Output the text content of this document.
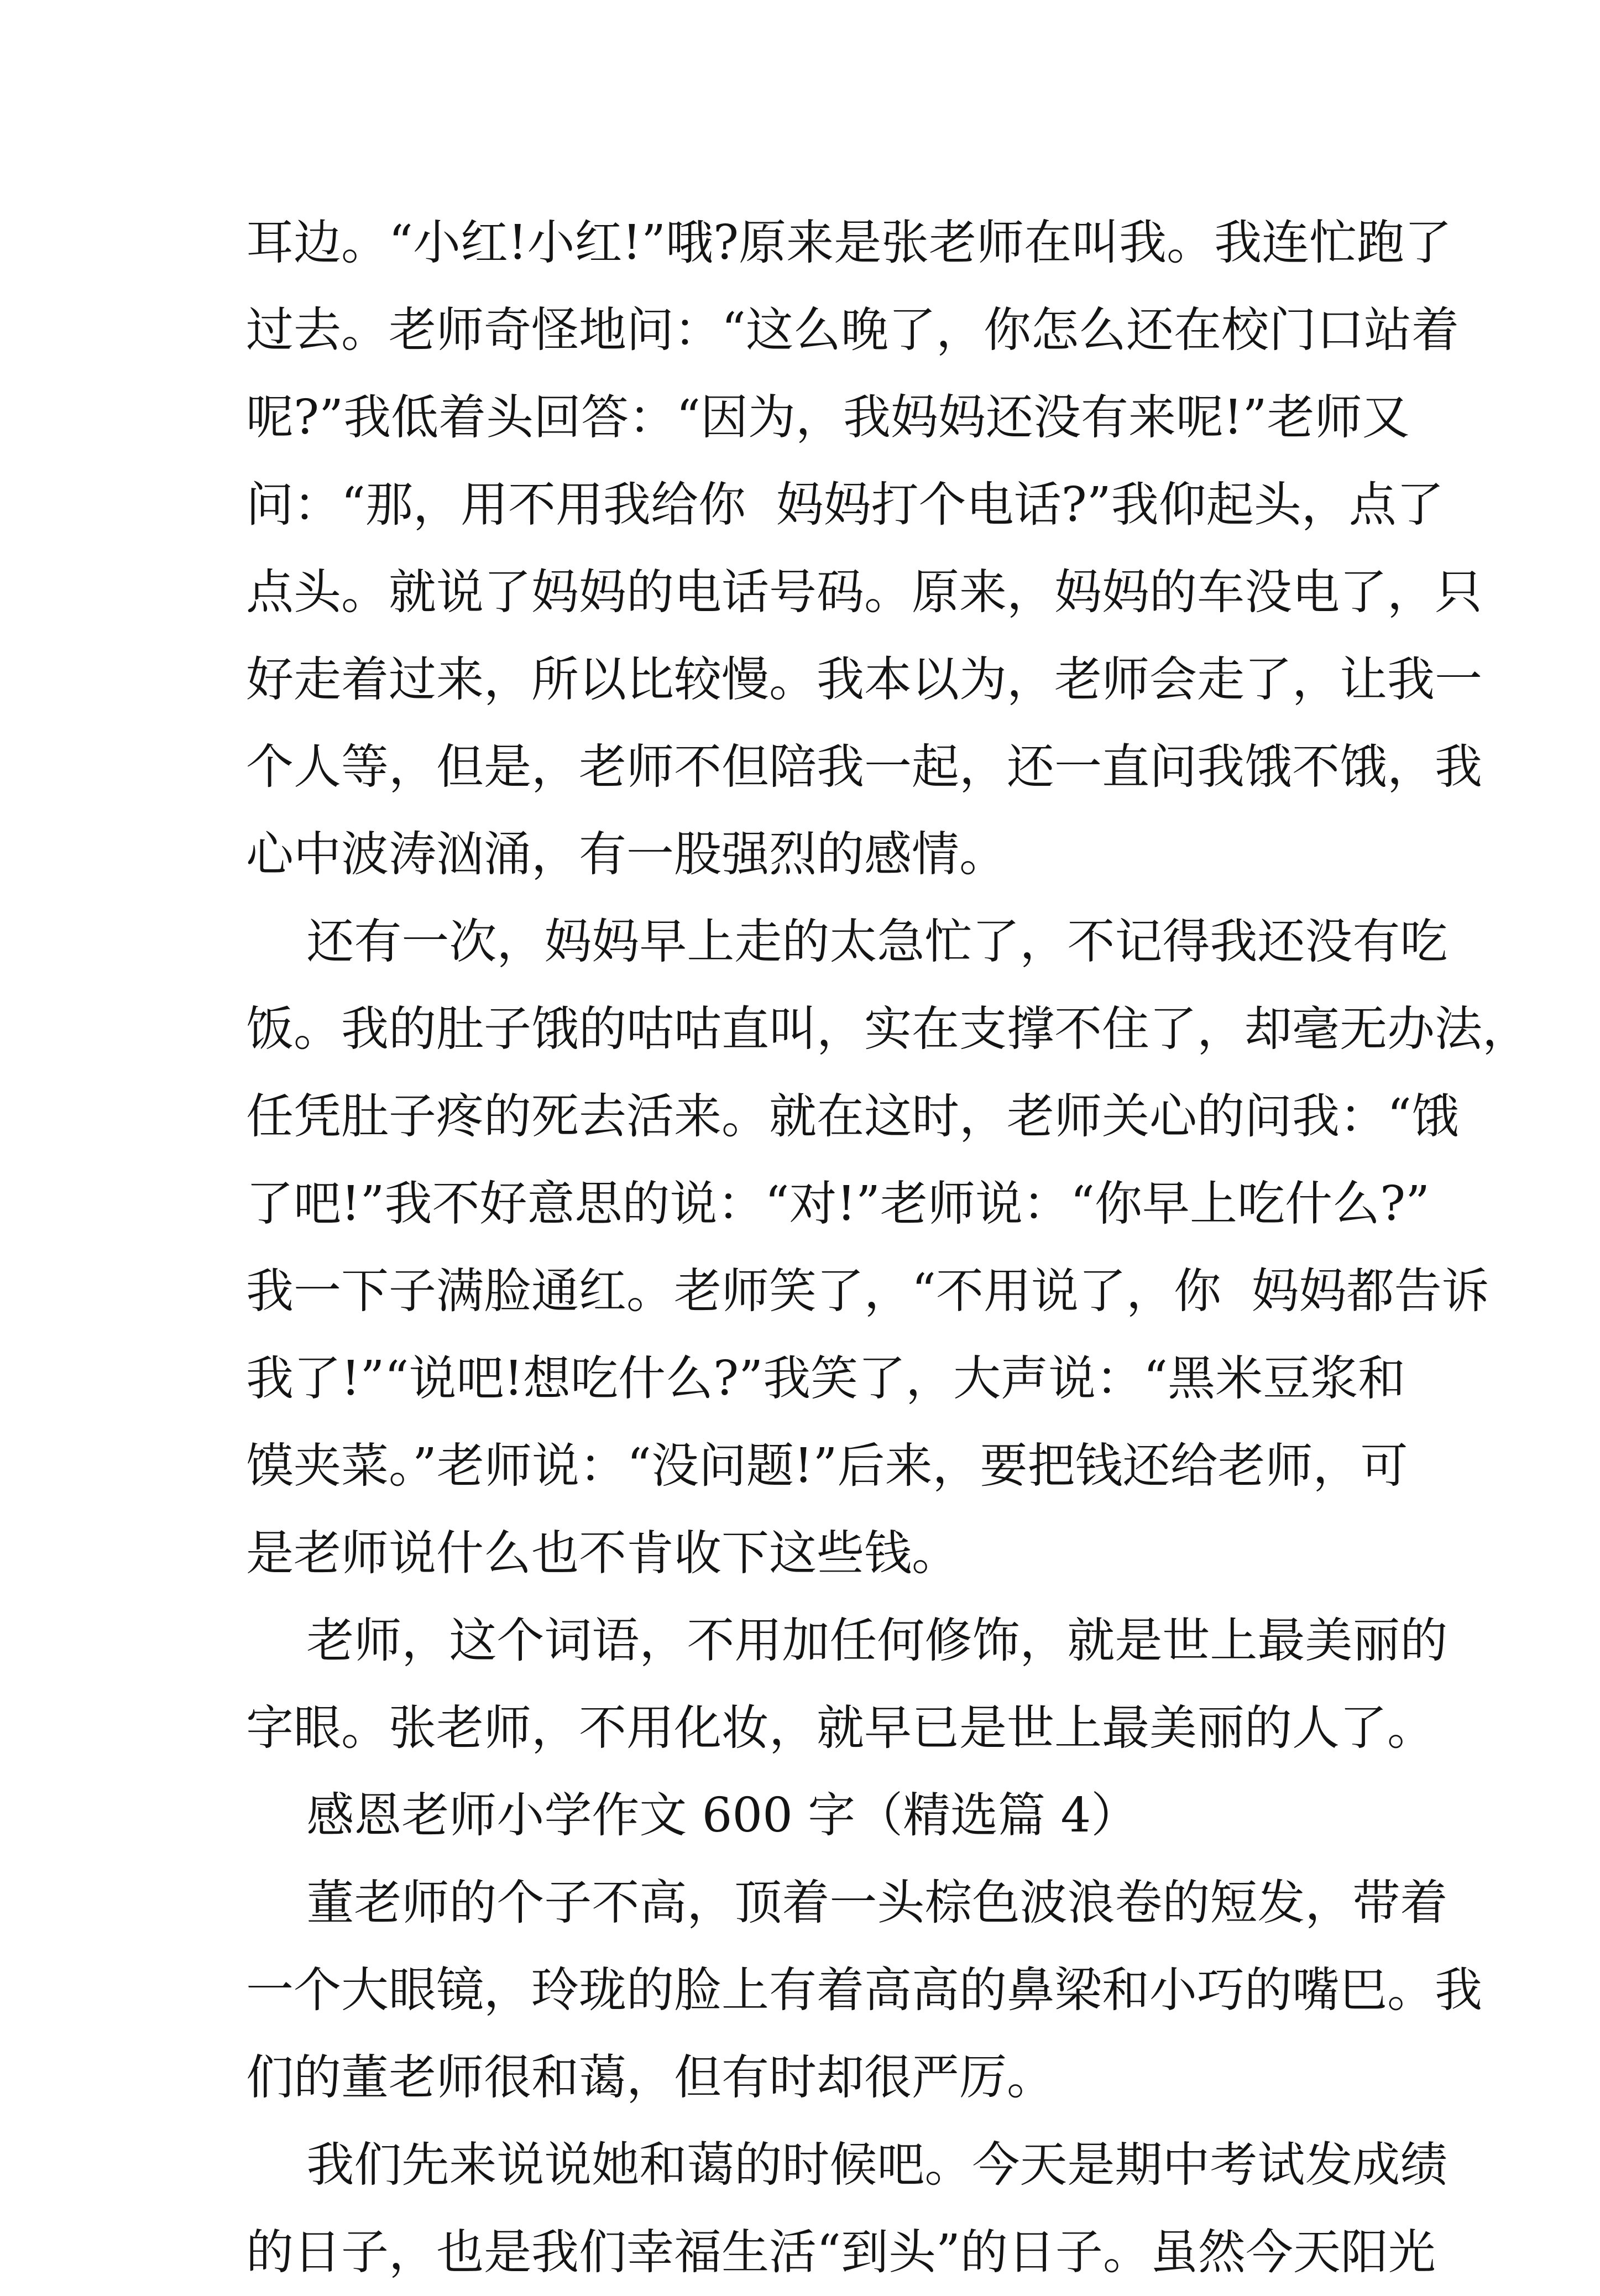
耳边。“小红!小红!”哦?原来是张老师在叫我。我连忙跑了
过去。老师奇怪地问：“这么晚了，你怎么还在校门口站着
呢?”我低着头回答：“因为，我妈妈还没有来呢!”老师又
问：“那，用不用我给你  妈妈打个电话?”我仰起头，点了
点头。就说了妈妈的电话号码。原来，妈妈的车没电了，只
好走着过来，所以比较慢。我本以为，老师会走了，让我一
个人等，但是，老师不但陪我一起，还一直问我饿不饿，我
心中波涛汹涌，有一股强烈的感情。
还有一次，妈妈早上走的太急忙了，不记得我还没有吃
饭。我的肚子饿的咕咕直叫，实在支撑不住了，却毫无办法，
任凭肚子疼的死去活来。就在这时，老师关心的问我：“饿
了吧!”我不好意思的说：“对!”老师说：“你早上吃什么?”
我一下子满脸通红。老师笑了，“不用说了，你  妈妈都告诉
我了!”“说吧!想吃什么?”我笑了，大声说：“黑米豆浆和
馍夹菜。”老师说：“没问题!”后来，要把钱还给老师，可
是老师说什么也不肯收下这些钱。
老师，这个词语，不用加任何修饰，就是世上最美丽的
字眼。张老师，不用化妆，就早已是世上最美丽的人了。
感恩老师小学作文 600 字（精选篇 4）
董老师的个子不高，顶着一头棕色波浪卷的短发，带着
一个大眼镜，玲珑的脸上有着高高的鼻梁和小巧的嘴巴。我
们的董老师很和蔼，但有时却很严厉。
我们先来说说她和蔼的时候吧。今天是期中考试发成绩
的日子，也是我们幸福生活“到头”的日子。虽然今天阳光
